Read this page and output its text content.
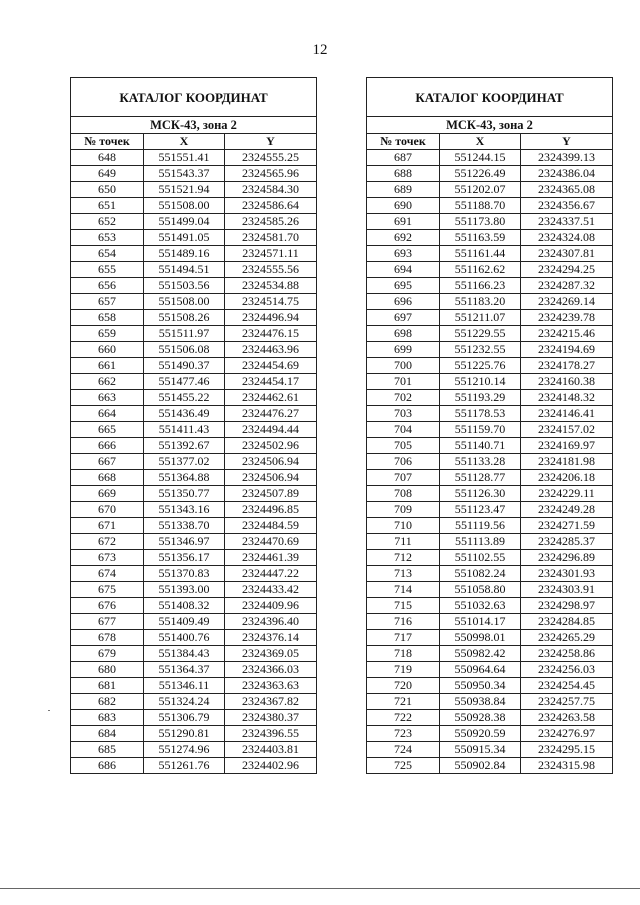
12
КАТАЛОГ КООРДИНАТ		
МСК-43, зона 2		
№ точек	X	Y
648	551551.41	2324555.25
649	551543.37	2324565.96
650	551521.94	2324584.30
651	551508.00	2324586.64
652	551499.04	2324585.26
653	551491.05	2324581.70
654	551489.16	2324571.11
655	551494.51	2324555.56
656	551503.56	2324534.88
657	551508.00	2324514.75
658	551508.26	2324496.94
659	551511.97	2324476.15
660	551506.08	2324463.96
661	551490.37	2324454.69
662	551477.46	2324454.17
663	551455.22	2324462.61
664	551436.49	2324476.27
665	551411.43	2324494.44
666	551392.67	2324502.96
667	551377.02	2324506.94
668	551364.88	2324506.94
669	551350.77	2324507.89
670	551343.16	2324496.85
671	551338.70	2324484.59
672	551346.97	2324470.69
673	551356.17	2324461.39
674	551370.83	2324447.22
675	551393.00	2324433.42
676	551408.32	2324409.96
677	551409.49	2324396.40
678	551400.76	2324376.14
679	551384.43	2324369.05
680	551364.37	2324366.03
681	551346.11	2324363.63
682	551324.24	2324367.82
683	551306.79	2324380.37
684	551290.81	2324396.55
685	551274.96	2324403.81
686	551261.76	2324402.96
КАТАЛОГ КООРДИНАТ		
МСК-43, зона 2		
№ точек	X	Y
687	551244.15	2324399.13
688	551226.49	2324386.04
689	551202.07	2324365.08
690	551188.70	2324356.67
691	551173.80	2324337.51
692	551163.59	2324324.08
693	551161.44	2324307.81
694	551162.62	2324294.25
695	551166.23	2324287.32
696	551183.20	2324269.14
697	551211.07	2324239.78
698	551229.55	2324215.46
699	551232.55	2324194.69
700	551225.76	2324178.27
701	551210.14	2324160.38
702	551193.29	2324148.32
703	551178.53	2324146.41
704	551159.70	2324157.02
705	551140.71	2324169.97
706	551133.28	2324181.98
707	551128.77	2324206.18
708	551126.30	2324229.11
709	551123.47	2324249.28
710	551119.56	2324271.59
711	551113.89	2324285.37
712	551102.55	2324296.89
713	551082.24	2324301.93
714	551058.80	2324303.91
715	551032.63	2324298.97
716	551014.17	2324284.85
717	550998.01	2324265.29
718	550982.42	2324258.86
719	550964.64	2324256.03
720	550950.34	2324254.45
721	550938.84	2324257.75
722	550928.38	2324263.58
723	550920.59	2324276.97
724	550915.34	2324295.15
725	550902.84	2324315.98
